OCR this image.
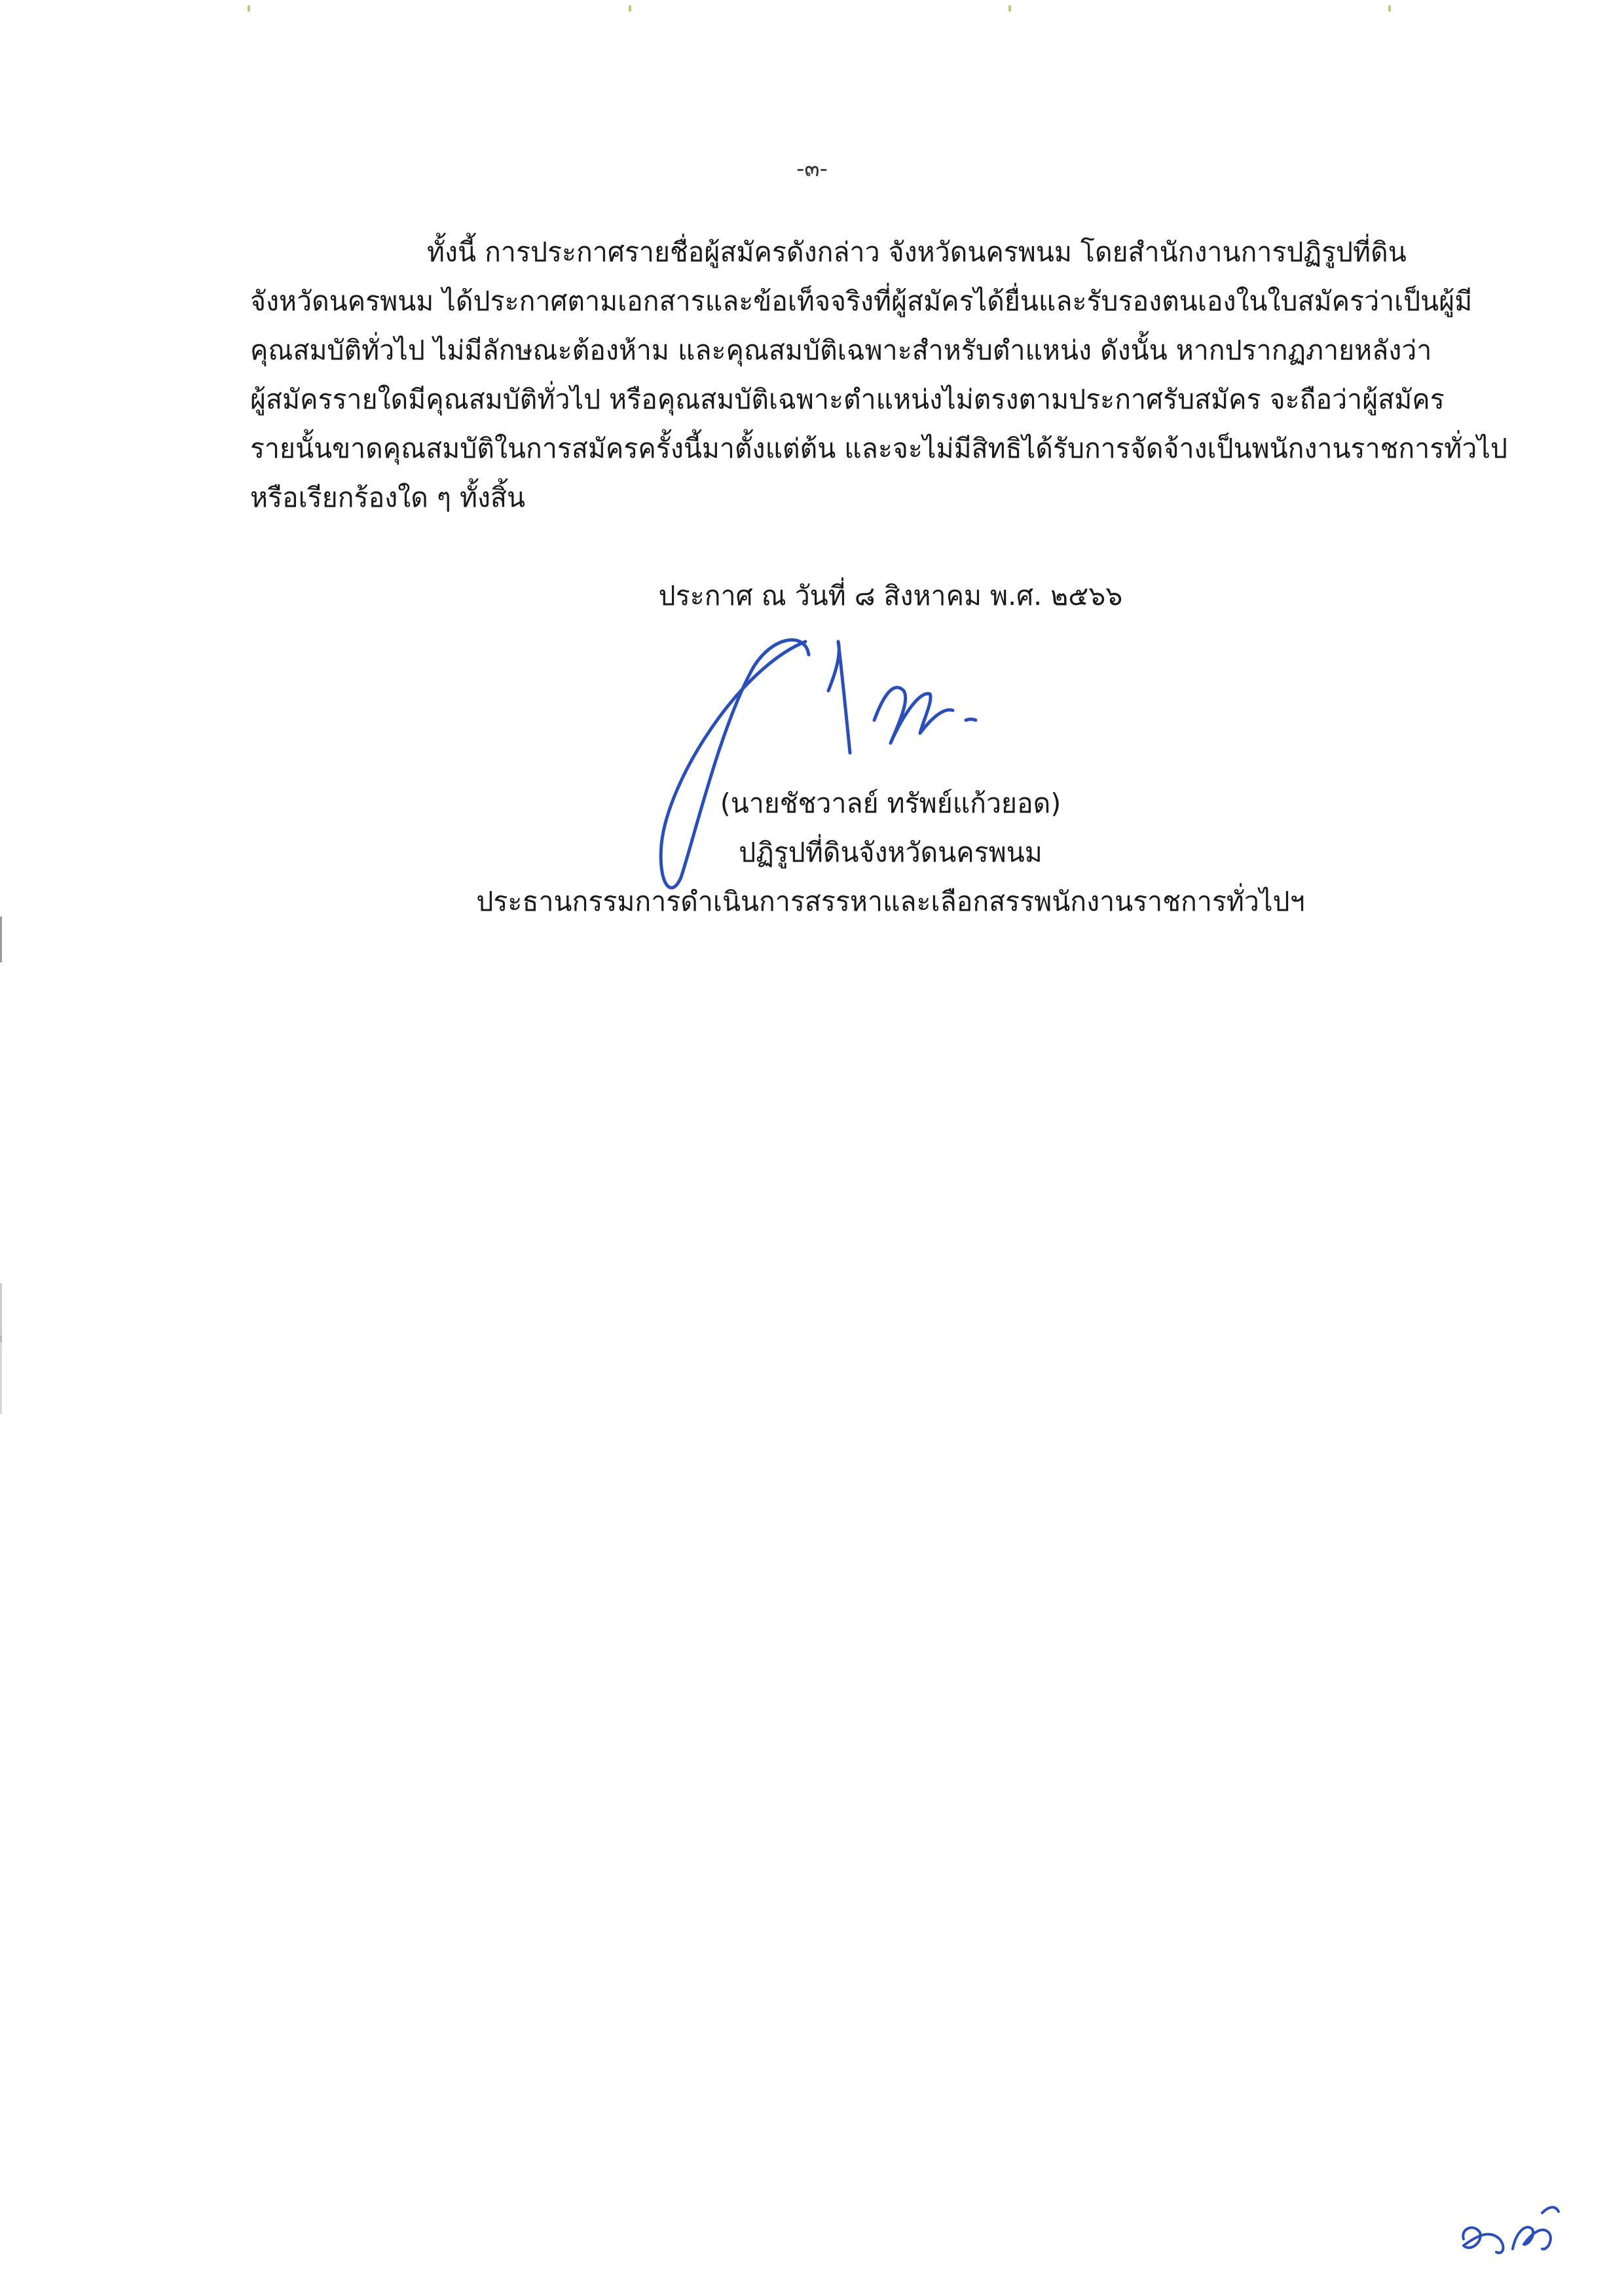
-๓-
ทั้งนี้ การประกาศรายชื่อผู้สมัครดังกล่าว จังหวัดนครพนม โดยสำนักงานการปฏิรูปที่ดิน
จังหวัดนครพนม ได้ประกาศตามเอกสารและข้อเท็จจริงที่ผู้สมัครได้ยื่นและรับรองตนเองในใบสมัครว่าเป็นผู้มี
คุณสมบัติทั่วไป ไม่มีลักษณะต้องห้าม และคุณสมบัติเฉพาะสำหรับตำแหน่ง ดังนั้น หากปรากฏภายหลังว่า
ผู้สมัครรายใดมีคุณสมบัติทั่วไป หรือคุณสมบัติเฉพาะตำแหน่งไม่ตรงตามประกาศรับสมัคร จะถือว่าผู้สมัคร
รายนั้นขาดคุณสมบัติในการสมัครครั้งนี้มาตั้งแต่ต้น และจะไม่มีสิทธิได้รับการจัดจ้างเป็นพนักงานราชการทั่วไป
หรือเรียกร้องใด ๆ ทั้งสิ้น
ประกาศ ณ วันที่ ๘ สิงหาคม พ.ศ. ๒๕๖๖
(นายชัชวาลย์ ทรัพย์แก้วยอด)
ปฏิรูปที่ดินจังหวัดนครพนม
ประธานกรรมการดำเนินการสรรหาและเลือกสรรพนักงานราชการทั่วไปฯ
